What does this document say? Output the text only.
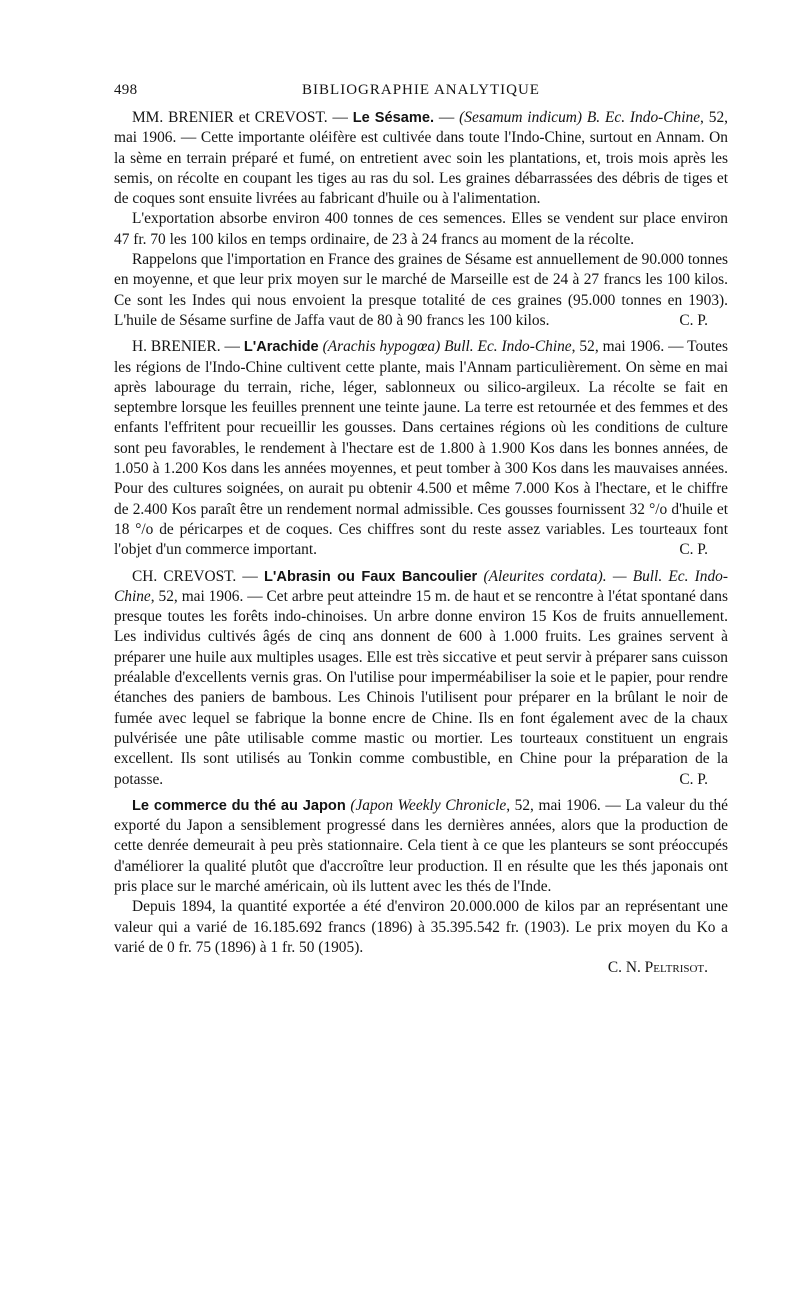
498	BIBLIOGRAPHIE ANALYTIQUE

MM. BRENIER et CREVOST. — Le Sésame. — (Sesamum indicum) B. Ec. Indo-Chine, 52, mai 1906. — Cette importante oléifère est cultivée dans toute l'Indo-Chine, surtout en Annam. On la sème en terrain préparé et fumé, on entretient avec soin les plantations, et, trois mois après les semis, on récolte en coupant les tiges au ras du sol. Les graines débarrassées des débris de tiges et de coques sont ensuite livrées au fabricant d'huile ou à l'alimentation.

L'exportation absorbe environ 400 tonnes de ces semences. Elles se vendent sur place environ 47 fr. 70 les 100 kilos en temps ordinaire, de 23 à 24 francs au moment de la récolte.

Rappelons que l'importation en France des graines de Sésame est annuellement de 90.000 tonnes en moyenne, et que leur prix moyen sur le marché de Marseille est de 24 à 27 francs les 100 kilos. Ce sont les Indes qui nous envoient la presque totalité de ces graines (95.000 tonnes en 1903). L'huile de Sésame surfine de Jaffa vaut de 80 à 90 francs les 100 kilos.	C. P.

H. BRENIER. — L'Arachide (Arachis hypogœa) Bull. Ec. Indo-Chine, 52, mai 1906. — Toutes les régions de l'Indo-Chine cultivent cette plante, mais l'Annam particulièrement. On sème en mai après labourage du terrain, riche, léger, sablonneux ou silico-argileux. La récolte se fait en septembre lorsque les feuilles prennent une teinte jaune. La terre est retournée et des femmes et des enfants l'effritent pour recueillir les gousses. Dans certaines régions où les conditions de culture sont peu favorables, le rendement à l'hectare est de 1.800 à 1.900 Kos dans les bonnes années, de 1.050 à 1.200 Kos dans les années moyennes, et peut tomber à 300 Kos dans les mauvaises années. Pour des cultures soignées, on aurait pu obtenir 4.500 et même 7.000 Kos à l'hectare, et le chiffre de 2.400 Kos paraît être un rendement normal admissible. Ces gousses fournissent 32 °/o d'huile et 18 °/o de péricarpes et de coques. Ces chiffres sont du reste assez variables. Les tourteaux font l'objet d'un commerce important.	C. P.

CH. CREVOST. — L'Abrasin ou Faux Bancoulier (Aleurites cordata). — Bull. Ec. Indo-Chine, 52, mai 1906. — Cet arbre peut atteindre 15 m. de haut et se rencontre à l'état spontané dans presque toutes les forêts indo-chinoises. Un arbre donne environ 15 Kos de fruits annuellement. Les individus cultivés âgés de cinq ans donnent de 600 à 1.000 fruits. Les graines servent à préparer une huile aux multiples usages. Elle est très siccative et peut servir à préparer sans cuisson préalable d'excellents vernis gras. On l'utilise pour imperméabiliser la soie et le papier, pour rendre étanches des paniers de bambous. Les Chinois l'utilisent pour préparer en la brûlant le noir de fumée avec lequel se fabrique la bonne encre de Chine. Ils en font également avec de la chaux pulvérisée une pâte utilisable comme mastic ou mortier. Les tourteaux constituent un engrais excellent. Ils sont utilisés au Tonkin comme combustible, en Chine pour la préparation de la potasse.	C. P.

Le commerce du thé au Japon (Japon Weekly Chronicle, 52, mai 1906. — La valeur du thé exporté du Japon a sensiblement progressé dans les dernières années, alors que la production de cette denrée demeurait à peu près stationnaire. Cela tient à ce que les planteurs se sont préoccupés d'améliorer la qualité plutôt que d'accroître leur production. Il en résulte que les thés japonais ont pris place sur le marché américain, où ils luttent avec les thés de l'Inde.

Depuis 1894, la quantité exportée a été d'environ 20.000.000 de kilos par an représentant une valeur qui a varié de 16.185.692 francs (1896) à 35.395.542 fr. (1903). Le prix moyen du Ko a varié de 0 fr. 75 (1896) à 1 fr. 50 (1905).

C. N. Peltrisot.
